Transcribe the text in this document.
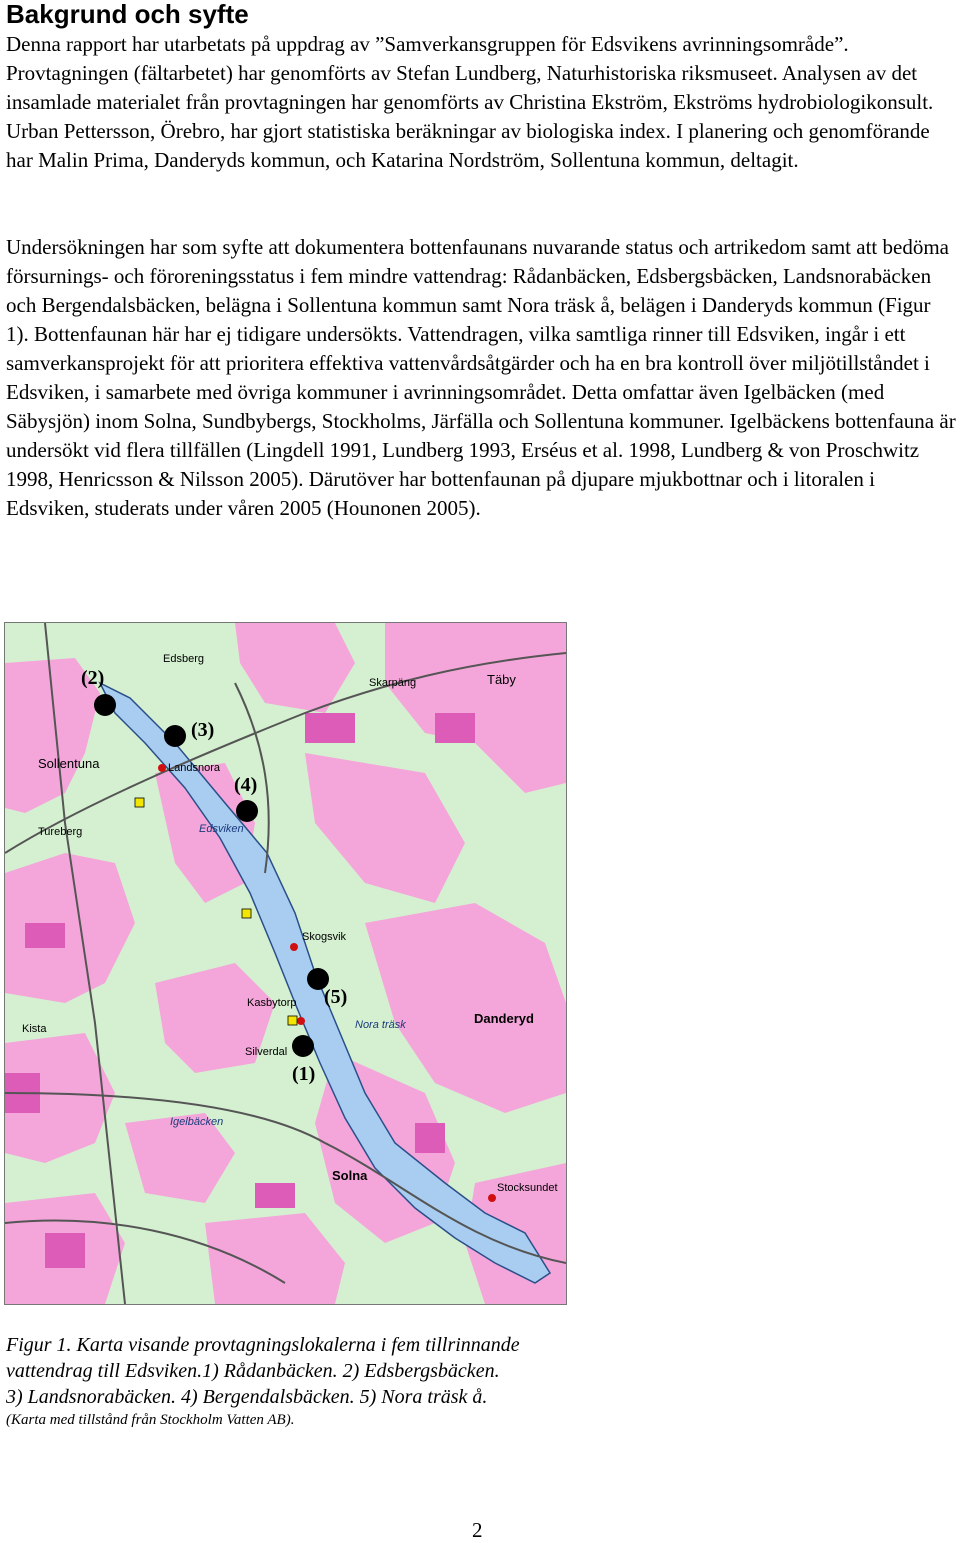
Bakgrund och syfte

Denna rapport har utarbetats på uppdrag av ”Samverkansgruppen för Edsvikens avrinningsområde”. Provtagningen (fältarbetet) har genomförts av Stefan Lundberg, Naturhistoriska riksmuseet. Analysen av det insamlade materialet från provtagningen har genomförts av Christina Ekström, Ekströms hydrobiologikonsult. Urban Pettersson, Örebro, har gjort statistiska beräkningar av biologiska index. I planering och genomförande har Malin Prima, Danderyds kommun, och Katarina Nordström, Sollentuna kommun, deltagit.

Undersökningen har som syfte att dokumentera bottenfaunans nuvarande status och artrikedom samt att bedöma försurnings- och föroreningsstatus i fem mindre vattendrag: Rådanbäcken, Edsbergsbäcken, Landsnorabäcken och Bergendalsbäcken, belägna i Sollentuna kommun samt Nora träsk å, belägen i Danderyds kommun (Figur 1). Bottenfaunan här har ej tidigare undersökts. Vattendragen, vilka samtliga rinner till Edsviken, ingår i ett samverkansprojekt för att prioritera effektiva vattenvårdsåtgärder och ha en bra kontroll över miljötillståndet i Edsviken, i samarbete med övriga kommuner i avrinningsområdet. Detta omfattar även Igelbäcken (med Säbysjön) inom Solna, Sundbybergs, Stockholms, Järfälla och Sollentuna kommuner. Igelbäckens bottenfauna är undersökt vid flera tillfällen (Lingdell 1991, Lundberg 1993, Erséus et al. 1998, Lundberg & von Proschwitz 1998, Henricsson & Nilsson 2005). Därutöver har bottenfaunan på djupare mjukbottnar och i litoralen i Edsviken, studerats under våren 2005 (Hounonen 2005).

(2)
(3)
(4)
(5)
(1)
Edsberg
Skarpäng	Täby
Sollentuna	Landsnora
Edsviken
Tureberg
Skogsvik
Kasbytorp
Nora träsk	Danderyd
Kista
Silverdal
Igelbäcken
Solna
Stocksundet
Figur 1. Karta visande provtagningslokalerna i fem tillrinnande
vattendrag till Edsviken.1) Rådanbäcken. 2) Edsbergsbäcken.
3) Landsnorabäcken. 4) Bergendalsbäcken. 5) Nora träsk å.
(Karta med tillstånd från Stockholm Vatten AB).
2
